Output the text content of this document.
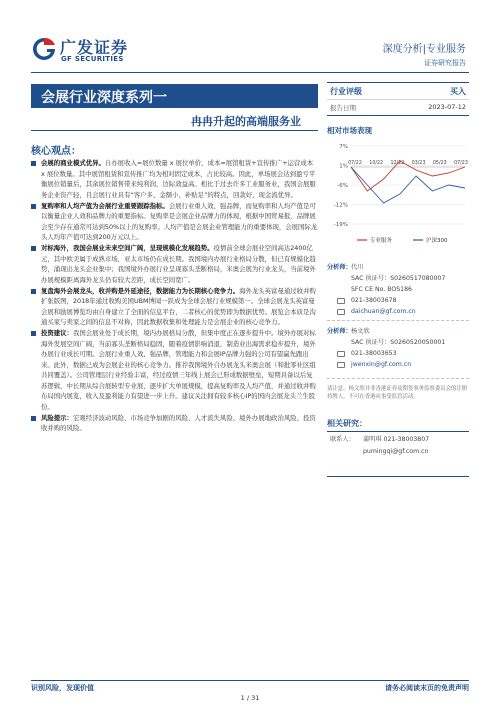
广发证券
GF SECURITIES
深度分析|专业服务
证券研究报告
会展行业深度系列一
冉冉升起的高端服务业
核心观点：
会展的商业模式优异。自办展收入=展位数量 x 展位单价，成本=展馆租赁+宣传推广+运营成本 x 展位数量。其中展馆租赁和宣传推广均为相对固定成本，占比较高。因此，单场展会达到盈亏平衡展位销量后，其余展位销售带来纯利润，边际效益高。相比于过去许多工业服务业，我国会展服务企业资产轻，且会展行业具有“客户多、金额小、补贴足”的特点，回款好，现金流优异。
复购率和人均产值为会展行业重要跟踪指标。会展行业重人效、强品牌，而复购率和人均产值是可以衡量企业人效和品牌力的重要指标。复购率是会展企业品牌力的体现，根据中国贸易报，品牌展会至少存在通常可达到50%以上的复购率。人均产值是会展企业管理能力的重要体现，会展国际龙头人均年产值可达到200万元以上。
对标海外，我国会展业未来空间广阔，呈现规模化发展趋势。疫情前全球会展业空间高达2400亿元，其中欧美属于成熟市场，亚太市场仍在成长期。我国境内办展行业格局分散，但已有规模化趋势，涌现出龙头企业集中；我国境外办展行业呈现寡头垄断格局，米奥会展为行业龙头，当前境外办展规模距离海外龙头仍有较大差距，成长空间宽广。
复盘海外会展龙头，收并购是外延途径，数据能力为长期核心竞争力。海外龙头英富曼通过收并购扩张版图，2018年通过收购美国UBM博闻一跃成为全球会展行业规模第一。全球会展龙头英富曼会展和励展博览均由自身建立了全面的信息平台，二者核心的优势即为数据优势。展览会本质是沟通买家与卖家之间的信息不对称，因此数据收集和处理能力是会展企业的核心竞争力。
投资建议：我国会展业处于成长期，境内办展格局分散，但集中度正在逐步提升中。境外办展对标海外发展空间广阔，当前寡头垄断格局稳固，随着疫情影响消退，制造业出海需求稳步提升，境外办展行业成长可期。会展行业重人效、强品牌，管理能力和会展IP品牌力强的公司有望赢先跑出来。此外，数据已成为会展企业的核心竞争力。推荐我国境外自办展龙头米奥会展（和批零社区组共同覆盖）。公司管理层行业经验丰富，经过疫情三年线上展会已形成数据壁垒，短期具备以后复苏逻辑，中长期从综合展转型专业展、逐步扩大单展规模，提高复购率及人均产值，并通过收并购布局国内展览，收入及盈利能力有望进一步上升。建议关注拥有较多核心IP的国内会展龙头兰生股份。
风险提示：宏观经济波动风险、市场竞争加剧的风险、人才流失风险、境外办展地政治风险、投资收并购的风险。
行业评级	买入
报告日期	2023-07-12
相对市场表现
7%
1%
-6%
-12%
-19%
07/22 10/22 12/22 03/23 05/23 07/23
专业服务	沪深300
分析师： 代川
SAC 执证号：S0260517080007
SFC CE No. BOS186
021-38003678
daichuan@gf.com.cn
分析师： 杨文欣
SAC 执证号：S0260520050001
021-38003653
jwenxin@gf.com.cn
请注意，杨文欣并非香港证券及期货事务监察委员会的注册持牌人，不可在香港从事受监管活动。
相关研究：
联系人： 蒲明琪 021-38003807
pumingqi@gf.com.cn
识别风险，发现价值	请务必阅读末页的免责声明
1 / 31
